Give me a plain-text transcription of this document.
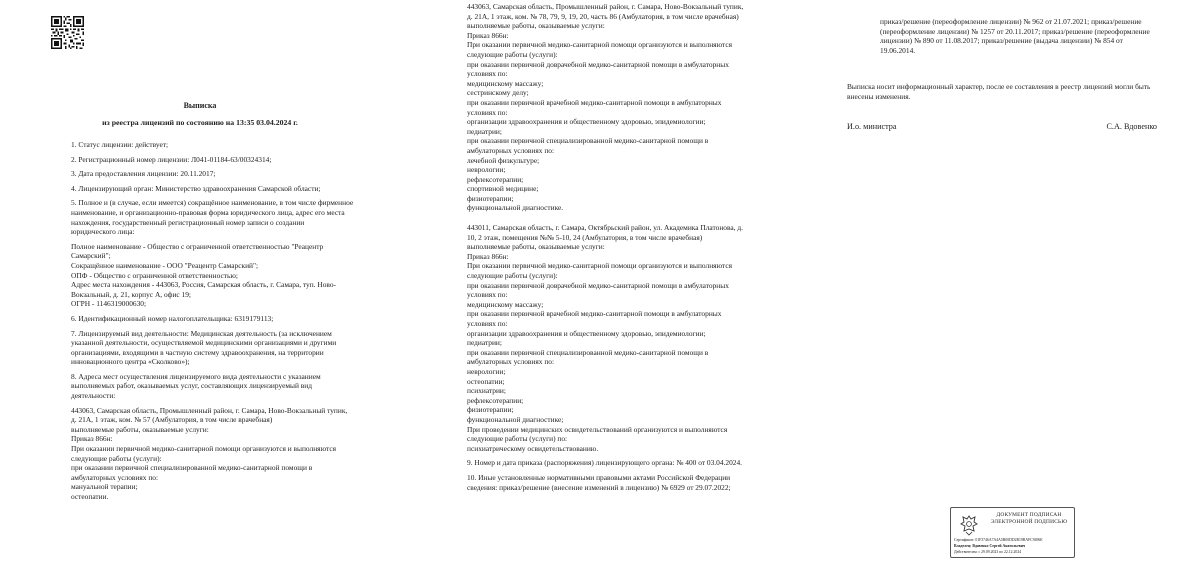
Выписка
из реестра лицензий по состоянию на 13:35 03.04.2024 г.
1. Статус лицензии: действует;
2. Регистрационный номер лицензии: Л041-01184-63/00324314;
3. Дата предоставления лицензии: 20.11.2017;
4. Лицензирующий орган: Министерство здравоохранения Самарской области;
5. Полное и (в случае, если имеется) сокращённое наименование, в том числе фирменное
наименование, и организационно-правовая форма юридического лица, адрес его места
нахождения, государственный регистрационный номер записи о создании
юридического лица:
Полное наименование - Общество с ограниченной ответственностью "Реацентр
Самарский";
Сокращённое наименование - ООО "Реацентр Самарский";
ОПФ - Общество с ограниченной ответственностью;
Адрес места нахождения - 443063, Россия, Самарская область, г. Самара, туп. Ново-
Вокзальный, д. 21, корпус А, офис 19;
ОГРН - 1146319000630;
6. Идентификационный номер налогоплательщика: 6319179113;
7. Лицензируемый вид деятельности: Медицинская деятельность (за исключением
указанной деятельности, осуществляемой медицинскими организациями и другими
организациями, входящими в частную систему здравоохранения, на территории
инновационного центра «Сколково»);
8. Адреса мест осуществления лицензируемого вида деятельности с указанием
выполняемых работ, оказываемых услуг, составляющих лицензируемый вид
деятельности:
443063, Самарская область, Промышленный район, г. Самара, Ново-Вокзальный тупик,
д. 21А, 1 этаж, ком. № 57 (Амбулатория, в том числе врачебная)
выполняемые работы, оказываемые услуги:
Приказ 866н:
При оказании первичной медико-санитарной помощи организуются и выполняются
следующие работы (услуги):
при оказании первичной специализированной медико-санитарной помощи в
амбулаторных условиях по:
мануальной терапии;
остеопатии.
443063, Самарская область, Промышленный район, г. Самара, Ново-Вокзальный тупик,
д. 21А, 1 этаж, ком. № 78, 79, 9, 19, 20, часть 86 (Амбулатория, в том числе врачебная)
выполняемые работы, оказываемые услуги:
Приказ 866н:
При оказании первичной медико-санитарной помощи организуются и выполняются
следующие работы (услуги):
при оказании первичной доврачебной медико-санитарной помощи в амбулаторных
условиях по:
медицинскому массажу;
сестринскому делу;
при оказании первичной врачебной медико-санитарной помощи в амбулаторных
условиях по:
организации здравоохранения и общественному здоровью, эпидемиологии;
педиатрии;
при оказании первичной специализированной медико-санитарной помощи в
амбулаторных условиях по:
лечебной физкультуре;
неврологии;
рефлексотерапии;
спортивной медицине;
физиотерапии;
функциональной диагностике.
443011, Самарская область, г. Самара, Октябрьский район, ул. Академика Платонова, д.
10, 2 этаж, помещения №№ 5-10, 24 (Амбулатория, в том числе врачебная)
выполняемые работы, оказываемые услуги:
Приказ 866н:
При оказании первичной медико-санитарной помощи организуются и выполняются
следующие работы (услуги):
при оказании первичной доврачебной медико-санитарной помощи в амбулаторных
условиях по:
медицинскому массажу;
при оказании первичной врачебной медико-санитарной помощи в амбулаторных
условиях по:
организации здравоохранения и общественному здоровью, эпидемиологии;
педиатрии;
при оказании первичной специализированной медико-санитарной помощи в
амбулаторных условиях по:
неврологии;
остеопатии;
психиатрии;
рефлексотерапии;
физиотерапии;
функциональной диагностике;
При проведении медицинских освидетельствований организуются и выполняются
следующие работы (услуги) по:
психиатрическому освидетельствованию.
9. Номер и дата приказа (распоряжения) лицензирующего органа: № 400 от 03.04.2024.
10. Иные установленные нормативными правовыми актами Российской Федерации
сведения: приказ/решение (внесение изменений в лицензию) № 6929 от 29.07.2022;
приказ/решение (переоформление лицензии) № 962 от 21.07.2021; приказ/решение
(переоформление лицензии) № 1257 от 20.11.2017; приказ/решение (переоформление
лицензии) № 890 от 11.08.2017; приказ/решение (выдача лицензии) № 854 от
19.06.2014.
Выписка носит информационный характер, после ее составления в реестр лицензий могли быть
внесены изменения.
И.о. министра	С.А. Вдовенко
ДОКУМЕНТ ПОДПИСАН
ЭЛЕКТРОННОЙ ПОДПИСЬЮ
Сертификат: 01F3746A7A4A5B00DD2B19BAFC9496E
Владелец: Вдовенко Сергей Анатольевич
Действителен: с 29.09.2023 по 22.12.2024
